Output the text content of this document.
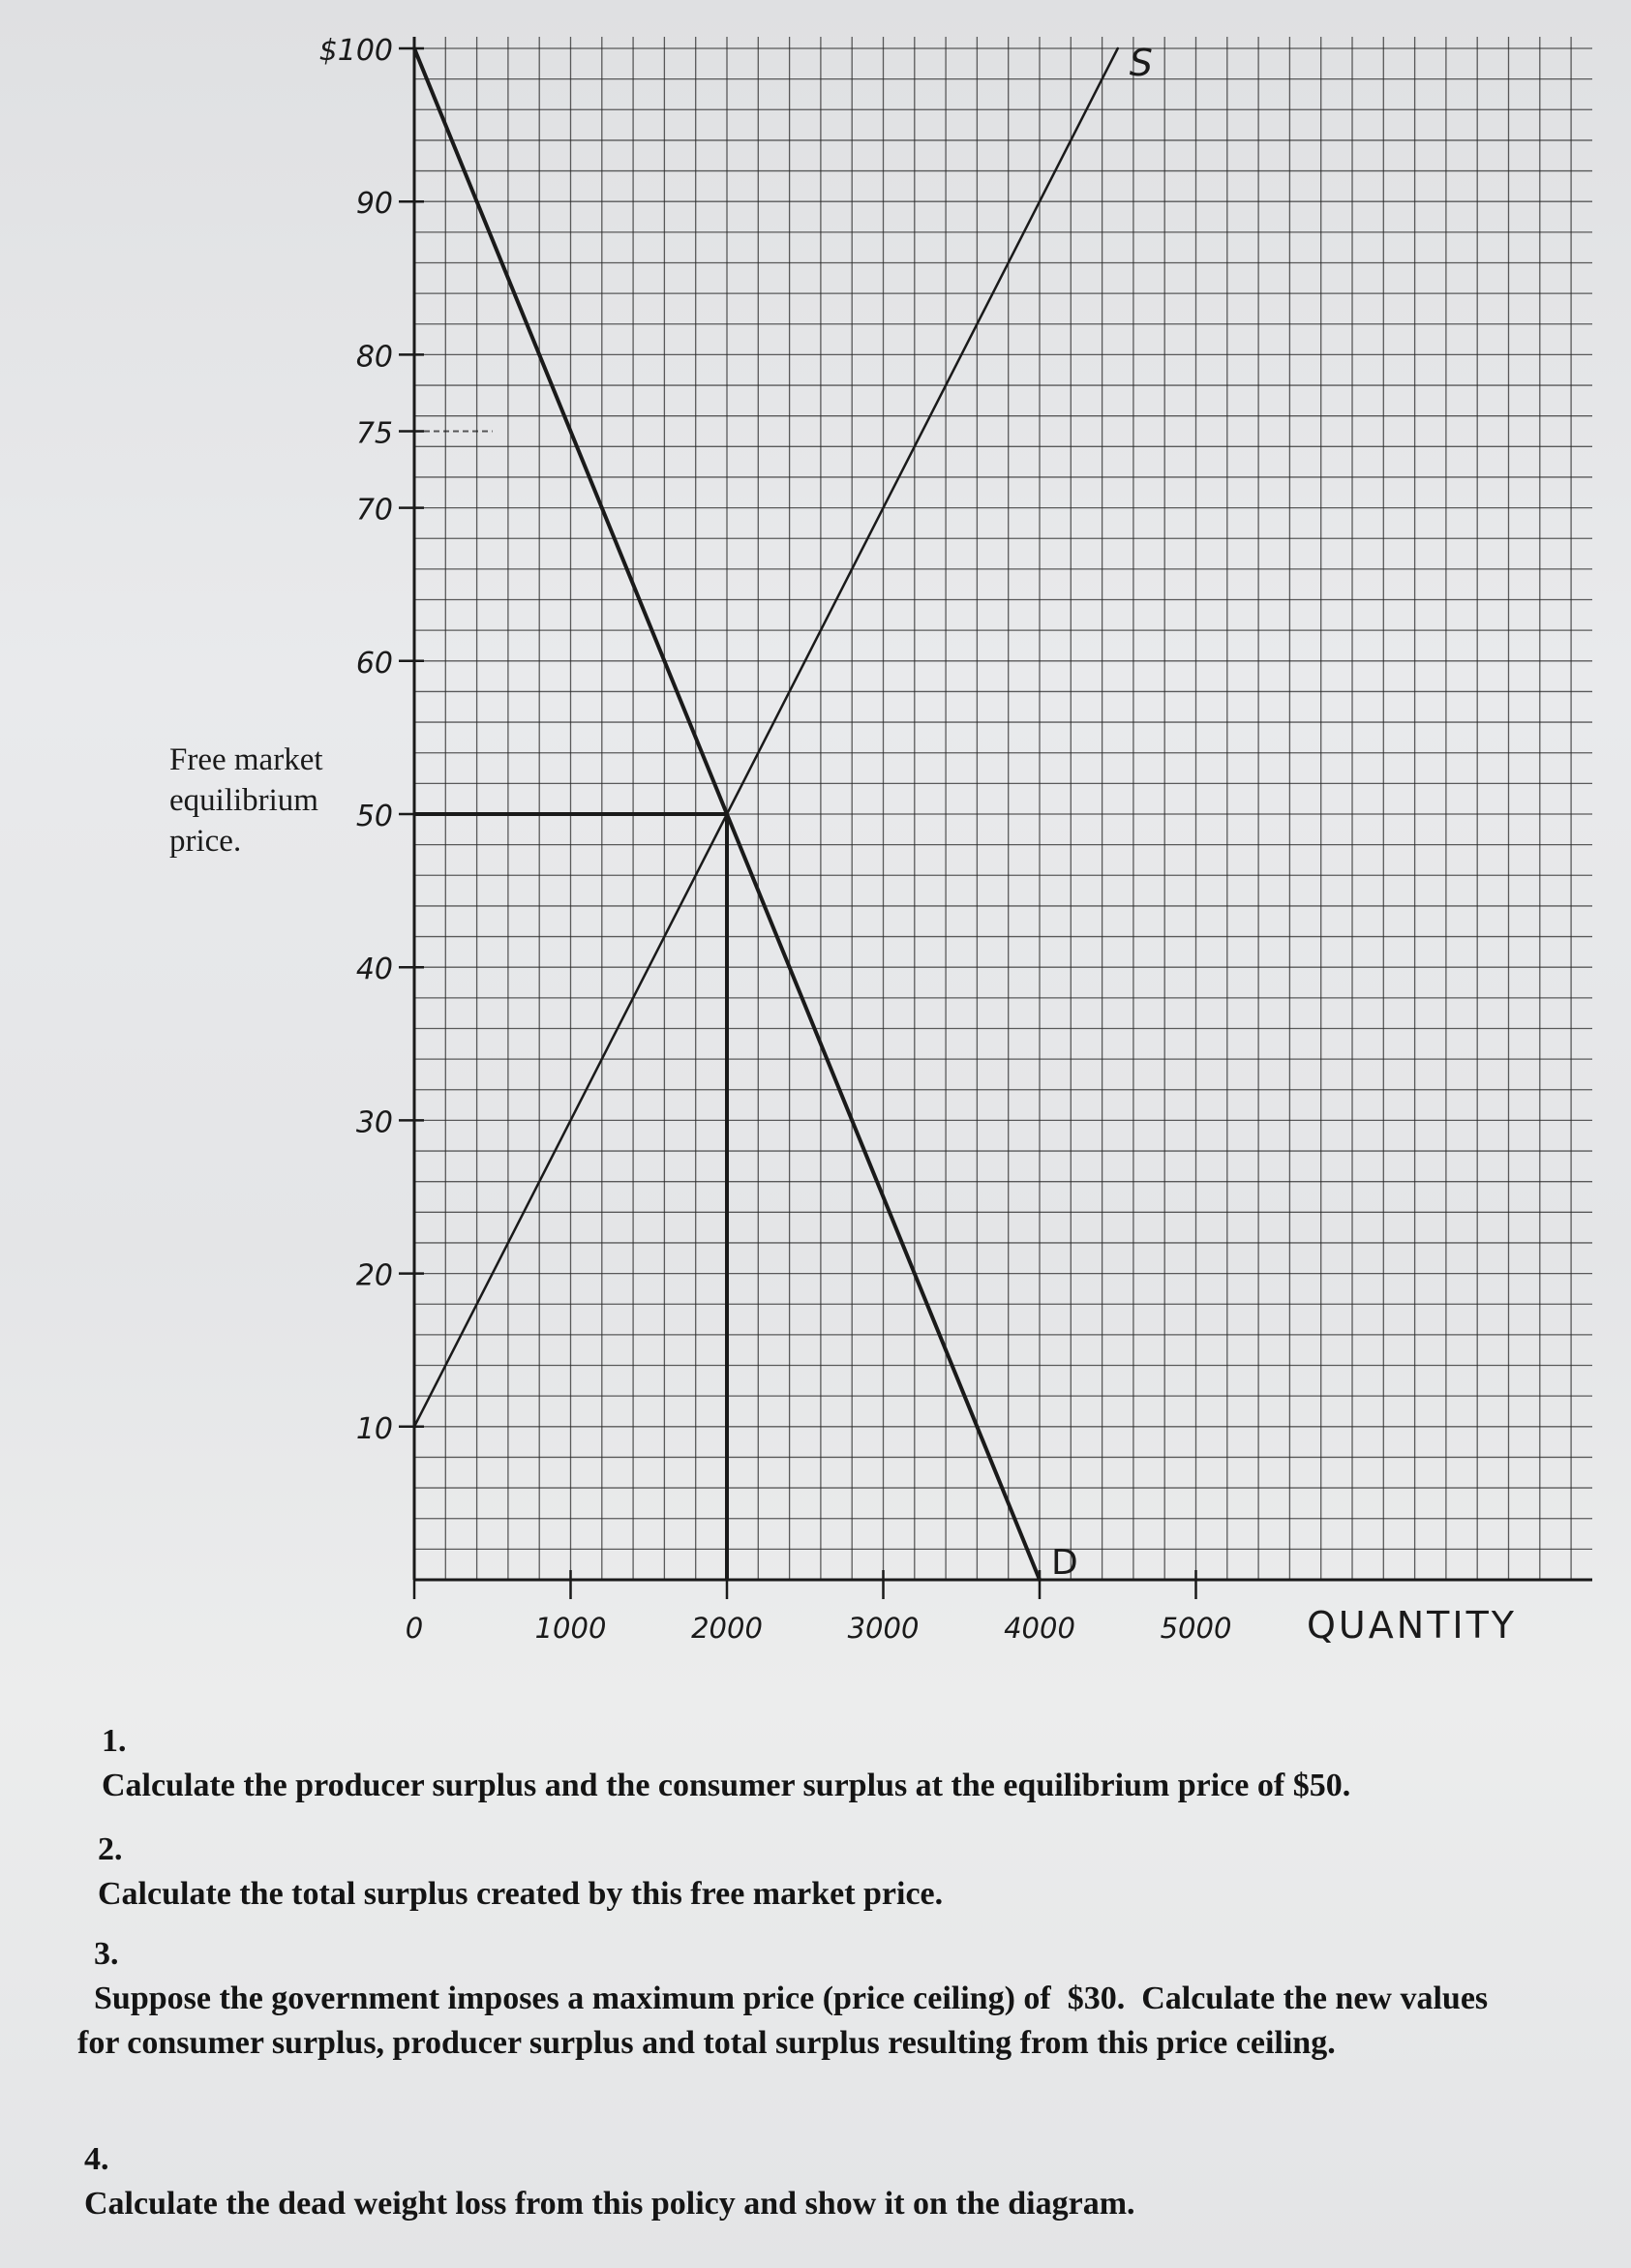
10
20
30
40
50
60
70
75
80
90
$100
0	1000	2000	3000	4000	5000 QUANTITY
S
D
Free market
equilibrium
price.

1.
Calculate the producer surplus and the consumer surplus at the equilibrium price of $50.

2.
Calculate the total surplus created by this free market price.

3.
Suppose the government imposes a maximum price (price ceiling) of  $30.  Calculate the new values for consumer surplus, producer surplus and total surplus resulting from this price ceiling.

4.
Calculate the dead weight loss from this policy and show it on the diagram.
